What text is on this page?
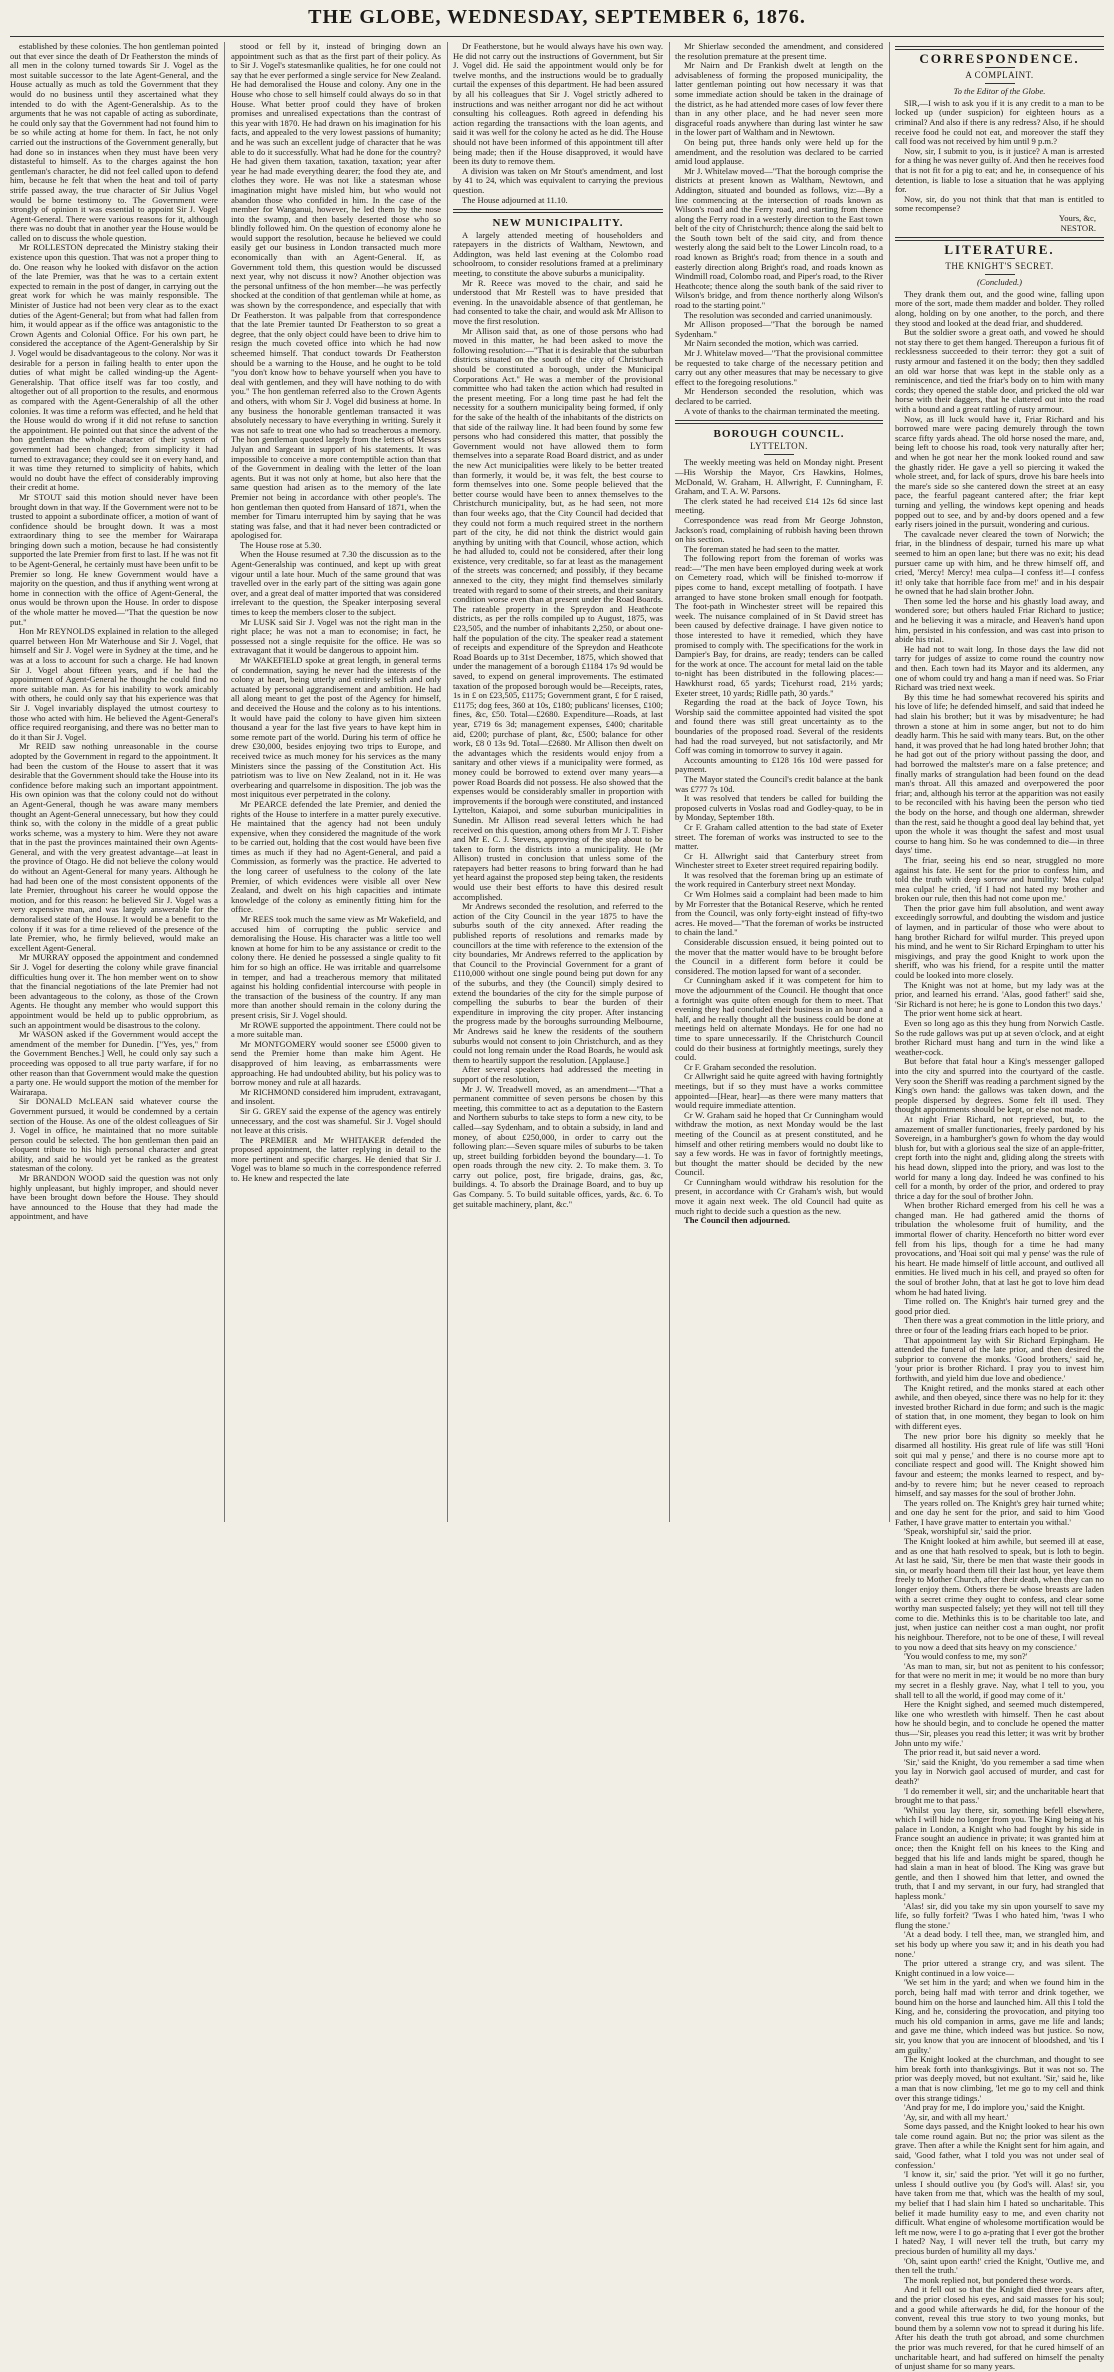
THE GLOBE, WEDNESDAY, SEPTEMBER 6, 1876.

established by these colonies. The hon gentleman pointed out that ever since the death of Dr Featherston the minds of all men in the colony turned towards Sir J. Vogel as the most suitable successor to the late Agent-General, and the House actually as much as told the Government that they would do no business until they ascertained what they intended to do with the Agent-Generalship. As to the arguments that he was not capable of acting as subordinate, he could only say that the Government had not found him to be so while acting at home for them. In fact, he not only carried out the instructions of the Government generally, but had done so in instances when they must have been very distasteful to himself. As to the charges against the hon gentleman's character, he did not feel called upon to defend him, because he felt that when the heat and toil of party strife passed away, the true character of Sir Julius Vogel would be borne testimony to. The Government were strongly of opinion it was essential to appoint Sir J. Vogel Agent-General. There were various reasons for it, although there was no doubt that in another year the House would be called on to discuss the whole question.

Mr ROLLESTON deprecated the Ministry staking their existence upon this question. That was not a proper thing to do. One reason why he looked with disfavor on the action of the late Premier, was that he was to a certain extent expected to remain in the post of danger, in carrying out the great work for which he was mainly responsible. The Minister of Justice had not been very clear as to the exact duties of the Agent-General; but from what had fallen from him, it would appear as if the office was antagonistic to the Crown Agents and Colonial Office. For his own part, he considered the acceptance of the Agent-Generalship by Sir J. Vogel would be disadvantageous to the colony. Nor was it desirable for a person in failing health to enter upon the duties of what might be called winding-up the Agent-Generalship. That office itself was far too costly, and altogether out of all proportion to the results, and enormous as compared with the Agent-Generalship of all the other colonies. It was time a reform was effected, and he held that the House would do wrong if it did not refuse to sanction the appointment. He pointed out that since the advent of the hon gentleman the whole character of their system of government had been changed; from simplicity it had turned to extravagance; they could see it on every hand, and it was time they returned to simplicity of habits, which would no doubt have the effect of considerably improving their credit at home.

Mr STOUT said this motion should never have been brought down in that way. If the Government were not to be trusted to appoint a subordinate officer, a motion of want of confidence should be brought down. It was a most extraordinary thing to see the member for Wairarapa bringing down such a motion, because he had consistently supported the late Premier from first to last. If he was not fit to be Agent-General, he certainly must have been unfit to be Premier so long. He knew Government would have a majority on the question, and thus if anything went wrong at home in connection with the office of Agent-General, the onus would be thrown upon the House. In order to dispose of the whole matter he moved—"That the question be now put."

Hon Mr REYNOLDS explained in relation to the alleged quarrel between Hon Mr Waterhouse and Sir J. Vogel, that himself and Sir J. Vogel were in Sydney at the time, and he was at a loss to account for such a charge. He had known Sir J. Vogel about fifteen years, and if he had the appointment of Agent-General he thought he could find no more suitable man. As for his inability to work amicably with others, he could only say that his experience was that Sir J. Vogel invariably displayed the utmost courtesy to those who acted with him. He believed the Agent-General's office required reorganising, and there was no better man to do it than Sir J. Vogel.

Mr REID saw nothing unreasonable in the course adopted by the Government in regard to the appointment. It had been the custom of the House to assert that it was desirable that the Government should take the House into its confidence before making such an important appointment. His own opinion was that the colony could not do without an Agent-General, though he was aware many members thought an Agent-General unnecessary, but how they could think so, with the colony in the middle of a great public works scheme, was a mystery to him. Were they not aware that in the past the provinces maintained their own Agents-General, and with the very greatest advantage—at least in the province of Otago. He did not believe the colony would do without an Agent-General for many years. Although he had had been one of the most consistent opponents of the late Premier, throughout his career he would oppose the motion, and for this reason: he believed Sir J. Vogel was a very expensive man, and was largely answerable for the demoralised state of the House. It would be a benefit to the colony if it was for a time relieved of the presence of the late Premier, who, he firmly believed, would make an excellent Agent-General.

Mr MURRAY opposed the appointment and condemned Sir J. Vogel for deserting the colony while grave financial difficulties hung over it. The hon member went on to show that the financial negotiations of the late Premier had not been advantageous to the colony, as those of the Crown Agents. He thought any member who would support this appointment would be held up to public opprobrium, as such an appointment would be disastrous to the colony.

Mr WASON asked if the Government would accept the amendment of the member for Dunedin. ["Yes, yes," from the Government Benches.] Well, he could only say such a proceeding was opposed to all true party warfare, if for no other reason than that Government would make the question a party one. He would support the motion of the member for Wairarapa.

Sir DONALD McLEAN said whatever course the Government pursued, it would be condemned by a certain section of the House. As one of the oldest colleagues of Sir J. Vogel in office, he maintained that no more suitable person could be selected. The hon gentleman then paid an eloquent tribute to his high personal character and great ability, and said he would yet be ranked as the greatest statesman of the colony.

Mr BRANDON WOOD said the question was not only highly unpleasant, but highly improper, and should never have been brought down before the House. They should have announced to the House that they had made the appointment, and have

stood or fell by it, instead of bringing down an appointment such as that as the first part of their policy. As to Sir J. Vogel's statesmanlike qualities, he for one could not say that he ever performed a single service for New Zealand. He had demoralised the House and colony. Any one in the House who chose to sell himself could always do so in that House. What better proof could they have of broken promises and unrealised expectations than the contrast of this year with 1870. He had drawn on his imagination for his facts, and appealed to the very lowest passions of humanity; and he was such an excellent judge of character that he was able to do it successfully. What had he done for the country? He had given them taxation, taxation, taxation; year after year he had made everything dearer; the food they ate, and clothes they wore. He was not like a statesman whose imagination might have misled him, but who would not abandon those who confided in him. In the case of the member for Wanganui, however, he led them by the nose into the swamp, and then basely deserted those who so blindly followed him. On the question of economy alone he would support the resolution, because he believed we could easily get our business in London transacted much more economically than with an Agent-General. If, as Government told them, this question would be discussed next year, why not discuss it now? Another objection was the personal unfitness of the hon member—he was perfectly shocked at the condition of that gentleman while at home, as was shown by the correspondence, and especially that with Dr Featherston. It was palpable from that correspondence that the late Premier taunted Dr Featherston to so great a degree, that the only object could have been to drive him to resign the much coveted office into which he had now scheemed himself. That conduct towards Dr Featherston should be a warning to the House, and he ought to be told "you don't know how to behave yourself when you have to deal with gentlemen, and they will have nothing to do with you." The hon gentleman referred also to the Crown Agents and others, with whom Sir J. Vogel did business at home. In any business the honorable gentleman transacted it was absolutely necessary to have everything in writing. Surely it was not safe to treat one who had so treacherous a memory. The hon gentleman quoted largely from the letters of Messrs Julyan and Sargeant in support of his statements. It was impossible to conceive a more contemptible action than that of the Government in dealing with the letter of the loan agents. But it was not only at home, but also here that the same question had arisen as to the memory of the late Premier not being in accordance with other people's. The hon gentleman then quoted from Hansard of 1871, when the member for Timaru interrupted him by saying that he was stating was false, and that it had never been contradicted or apologised for.

The House rose at 5.30.

When the House resumed at 7.30 the discussion as to the Agent-Generalship was continued, and kept up with great vigour until a late hour. Much of the same ground that was travelled over in the early part of the sitting was again gone over, and a great deal of matter imported that was considered irrelevant to the question, the Speaker interposing several times to keep the members closer to the subject.

Mr LUSK said Sir J. Vogel was not the right man in the right place; he was not a man to economise; in fact, he possessed not a single requisite for the office. He was so extravagant that it would be dangerous to appoint him.

Mr WAKEFIELD spoke at great length, in general terms of condemnation, saying he never had the interests of the colony at heart, being utterly and entirely selfish and only actuated by personal aggrandisement and ambition. He had all along meant to get the post of the Agency for himself, and deceived the House and the colony as to his intentions. It would have paid the colony to have given him sixteen thousand a year for the last five years to have kept him in some remote part of the world. During his term of office he drew £30,000, besides enjoying two trips to Europe, and received twice as much money for his services as the many Ministers since the passing of the Constitution Act. His patriotism was to live on New Zealand, not in it. He was overbearing and quarrelsome in disposition. The job was the most iniquitous ever perpetrated in the colony.

Mr PEARCE defended the late Premier, and denied the rights of the House to interfere in a matter purely executive. He maintained that the agency had not been unduly expensive, when they considered the magnitude of the work to be carried out, holding that the cost would have been five times as much if they had no Agent-General, and paid a Commission, as formerly was the practice. He adverted to the long career of usefulness to the colony of the late Premier, of which evidences were visible all over New Zealand, and dwelt on his high capacities and intimate knowledge of the colony as eminently fitting him for the office.

Mr REES took much the same view as Mr Wakefield, and accused him of corrupting the public service and demoralising the House. His character was a little too well known at home for him to be any assistance or credit to the colony there. He denied he possessed a single quality to fit him for so high an office. He was irritable and quarrelsome in temper, and had a treacherous memory that militated against his holding confidential intercourse with people in the transaction of the business of the country. If any man more than another should remain in the colony during the present crisis, Sir J. Vogel should.

Mr ROWE supported the appointment. There could not be a more suitable man.

Mr MONTGOMERY would sooner see £5000 given to send the Premier home than make him Agent. He disapproved of him leaving, as embarrassments were approaching. He had undoubted ability, but his policy was to borrow money and rule at all hazards.

Mr RICHMOND considered him imprudent, extravagant, and insolent.

Sir G. GREY said the expense of the agency was entirely unnecessary, and the cost was shameful. Sir J. Vogel should not leave at this crisis.

The PREMIER and Mr WHITAKER defended the proposed appointment, the latter replying in detail to the more pertinent and specific charges. He denied that Sir J. Vogel was to blame so much in the correspondence referred to. He knew and respected the late

Dr Featherstone, but he would always have his own way. He did not carry out the instructions of Government, but Sir J. Vogel did. He said the appointment would only be for twelve months, and the instructions would be to gradually curtail the expenses of this department. He had been assured by all his colleagues that Sir J. Vogel strictly adhered to instructions and was neither arrogant nor did he act without consulting his colleagues. Roth agreed in defending his action regarding the transactions with the loan agents, and said it was well for the colony he acted as he did. The House should not have been informed of this appointment till after being made; then if the House disapproved, it would have been its duty to remove them.

A division was taken on Mr Stout's amendment, and lost by 41 to 24, which was equivalent to carrying the previous question.

The House adjourned at 11.10.

NEW MUNICIPALITY.

A largely attended meeting of householders and ratepayers in the districts of Waltham, Newtown, and Addington, was held last evening at the Colombo road schoolroom, to consider resolutions framed at a preliminary meeting, to constitute the above suburbs a municipality.

Mr R. Reece was moved to the chair, and said he understood that Mr Restell was to have presided that evening. In the unavoidable absence of that gentleman, he had consented to take the chair, and would ask Mr Allison to move the first resolution.

Mr Allison said that, as one of those persons who had moved in this matter, he had been asked to move the following resolution:—"That it is desirable that the suburban districts situated on the south of the city of Christchurch should be constituted a borough, under the Municipal Corporations Act." He was a member of the provisional committee who had taken the action which had resulted in the present meeting. For a long time past he had felt the necessity for a southern municipality being formed, if only for the sake of the health of the inhabitants of the districts on that side of the railway line. It had been found by some few persons who had considered this matter, that possibly the Government would not have allowed them to form themselves into a separate Road Board district, and as under the new Act municipalities were likely to be better treated than formerly, it would be, it was felt, the best course to form themselves into one. Some people believed that the better course would have been to annex themselves to the Christchurch municipality, but, as he had seen, not more than four weeks ago, that the City Council had decided that they could not form a much required street in the northern part of the city, he did not think the district would gain anything by uniting with that Council, whose action, which he had alluded to, could not be considered, after their long existence, very creditable, so far at least as the management of the streets was concerned; and possibly, if they became annexed to the city, they might find themselves similarly treated with regard to some of their streets, and their sanitary condition worse even than at present under the Road Boards. The rateable property in the Spreydon and Heathcote districts, as per the rolls compiled up to August, 1875, was £23,505, and the number of inhabitants 2,250, or about one-half the population of the city. The speaker read a statement of receipts and expenditure of the Spreydon and Heathcote Road Boards up to 31st December, 1875, which showed that under the management of a borough £1184 17s 9d would be saved, to expend on general improvements. The estimated taxation of the proposed borough would be—Receipts, rates, 1s in £ on £23,505, £1175; Government grant, £ for £ raised, £1175; dog fees, 360 at 10s, £180; publicans' licenses, £100; fines, &c, £50. Total—£2680. Expenditure—Roads, at last year, £719 6s 3d; management expenses, £400; charitable aid, £200; purchase of plant, &c, £500; balance for other work, £8 0 13s 9d. Total—£2680. Mr Allison then dwelt on the advantages which the residents would enjoy from a sanitary and other views if a municipality were formed, as money could be borrowed to extend over many years—a power Road Boards did not possess. He also showed that the expenses would be considerably smaller in proportion with improvements if the borough were constituted, and instanced Lyttelton, Kaiapoi, and some suburban municipalities in Sunedin. Mr Allison read several letters which he had received on this question, among others from Mr J. T. Fisher and Mr E. C. J. Stevens, approving of the step about to be taken to form the districts into a municipality. He (Mr Allison) trusted in conclusion that unless some of the ratepayers had better reasons to bring forward than he had yet heard against the proposed step being taken, the residents would use their best efforts to have this desired result accomplished.

Mr Andrews seconded the resolution, and referred to the action of the City Council in the year 1875 to have the suburbs south of the city annexed. After reading the published reports of resolutions and remarks made by councillors at the time with reference to the extension of the city boundaries, Mr Andrews referred to the application by that Council to the Provincial Government for a grant of £110,000 without one single pound being put down for any of the suburbs, and they (the Council) simply desired to extend the boundaries of the city for the simple purpose of compelling the suburbs to bear the burden of their expenditure in improving the city proper. After instancing the progress made by the boroughs surrounding Melbourne, Mr Andrews said he knew the residents of the southern suburbs would not consent to join Christchurch, and as they could not long remain under the Road Boards, he would ask them to heartily support the resolution. [Applause.]

After several speakers had addressed the meeting in support of the resolution,

Mr J. W. Treadwell moved, as an amendment—"That a permanent committee of seven persons be chosen by this meeting, this committee to act as a deputation to the Eastern and Northern suburbs to take steps to form a new city, to be called—say Sydenham, and to obtain a subsidy, in land and money, of about £250,000, in order to carry out the following plan:—Seven square miles of suburbs to be taken up, street building forbidden beyond the boundary—1. To open roads through the new city. 2. To make them. 3. To carry out police, post, fire brigade, drains, gas, &c, buildings. 4. To absorb the Drainage Board, and to buy up Gas Company. 5. To build suitable offices, yards, &c. 6. To get suitable machinery, plant, &c."

Mr Shierlaw seconded the amendment, and considered the resolution premature at the present time.

Mr Nairn and Dr Frankish dwelt at length on the advisableness of forming the proposed municipality, the latter gentleman pointing out how necessary it was that some immediate action should be taken in the drainage of the district, as he had attended more cases of low fever there than in any other place, and he had never seen more disgraceful roads anywhere than during last winter he saw in the lower part of Waltham and in Newtown.

On being put, three hands only were held up for the amendment, and the resolution was declared to be carried amid loud applause.

Mr J. Whitelaw moved—"That the borough comprise the districts at present known as Waltham, Newtown, and Addington, situated and bounded as follows, viz:—By a line commencing at the intersection of roads known as Wilson's road and the Ferry road, and starting from thence along the Ferry road in a westerly direction to the East town belt of the city of Christchurch; thence along the said belt to the South town belt of the said city, and from thence westerly along the said belt to the Lower Lincoln road, to a road known as Bright's road; from thence in a south and easterly direction along Bright's road, and roads known as Windmill road, Colombo road, and Piper's road, to the River Heathcote; thence along the south bank of the said river to Wilson's bridge, and from thence northerly along Wilson's road to the starting point."

The resolution was seconded and carried unanimously.

Mr Allison proposed—"That the borough be named Sydenham."

Mr Nairn seconded the motion, which was carried.

Mr J. Whitelaw moved—"That the provisional committee be requested to take charge of the necessary petition and carry out any other measures that may be necessary to give effect to the foregoing resolutions."

Mr Henderson seconded the resolution, which was declared to be carried.

A vote of thanks to the chairman terminated the meeting.

BOROUGH COUNCIL.
LYTTELTON.

The weekly meeting was held on Monday night. Present—His Worship the Mayor, Crs Hawkins, Holmes, McDonald, W. Graham, H. Allwright, F. Cunningham, F. Graham, and T. A. W. Parsons.

The clerk stated he had received £14 12s 6d since last meeting.

Correspondence was read from Mr George Johnston, Jackson's road, complaining of rubbish having been thrown on his section.

The foreman stated he had seen to the matter.

The following report from the foreman of works was read:—"The men have been employed during week at work on Cemetery road, which will be finished to-morrow if pipes come to hand, except metalling of footpath. I have arranged to have stone broken small enough for footpath. The foot-path in Winchester street will be repaired this week. The nuisance complained of in St David street has been caused by defective drainage. I have given notice to those interested to have it remedied, which they have promised to comply with. The specifications for the work in Dampier's Bay, for drains, are ready; tenders can be called for the work at once. The account for metal laid on the table to-night has been distributed in the following places:—Hawkhurst road, 65 yards; Ticehurst road, 21½ yards; Exeter street, 10 yards; Ridlle path, 30 yards."

Regarding the road at the back of Joyce Town, his Worship said the committee appointed had visited the spot and found there was still great uncertainty as to the boundaries of the proposed road. Several of the residents had had the road surveyed, but not satisfactorily, and Mr Coff was coming in tomorrow to survey it again.

Accounts amounting to £128 16s 10d were passed for payment.

The Mayor stated the Council's credit balance at the bank was £777 7s 10d.

It was resolved that tenders be called for building the proposed culverts in Voslas road and Godley-quay, to be in by Monday, September 18th.

Cr F. Graham called attention to the bad state of Exeter street. The foreman of works was instructed to see to the matter.

Cr H. Allwright said that Canterbury street from Winchester street to Exeter street required repairing bodily.

It was resolved that the foreman bring up an estimate of the work required in Canterbury street next Monday.

Cr Wm Holmes said a complaint had been made to him by Mr Forrester that the Botanical Reserve, which he rented from the Council, was only forty-eight instead of fifty-two acres. He moved—"That the foreman of works be instructed to chain the land."

Considerable discussion ensued, it being pointed out to the mover that the matter would have to be brought before the Council in a different form before it could be considered. The motion lapsed for want of a seconder.

Cr Cunningham asked if it was competent for him to move the adjournment of the Council. He thought that once a fortnight was quite often enough for them to meet. That evening they had concluded their business in an hour and a half, and he really thought all the business could be done at meetings held on alternate Mondays. He for one had no time to spare unnecessarily. If the Christchurch Council could do their business at fortnightly meetings, surely they could.

Cr F. Graham seconded the resolution.

Cr Allwright said he quite agreed with having fortnightly meetings, but if so they must have a works committee appointed—[Hear, hear]—as there were many matters that would require immediate attention.

Cr W. Graham said he hoped that Cr Cunningham would withdraw the motion, as next Monday would be the last meeting of the Council as at present constituted, and he himself and other retiring members would no doubt like to say a few words. He was in favor of fortnightly meetings, but thought the matter should be decided by the new Council.

Cr Cunningham would withdraw his resolution for the present, in accordance with Cr Graham's wish, but would move it again next week. The old Council had quite as much right to decide such a question as the new.

The Council then adjourned.

CORRESPONDENCE.
A COMPLAINT.
To the Editor of the Globe.

SIR,—I wish to ask you if it is any credit to a man to be locked up (under suspicion) for eighteen hours as a criminal? And also if there is any redress? Also, if he should receive food he could not eat, and moreover the staff they call food was not received by him until 9 p.m.?

Now, sir, I submit to you, is it justice? A man is arrested for a thing he was never guilty of. And then he receives food that is not fit for a pig to eat; and he, in consequence of his detention, is liable to lose a situation that he was applying for.

Now, sir, do you not think that that man is entitled to some recompense?

Yours, &c,
NESTOR.
LITERATURE.
THE KNIGHT'S SECRET.
(Concluded.)

They drank them out, and the good wine, falling upon more of the sort, made them madder and bolder. They rolled along, holding on by one another, to the porch, and there they stood and looked at the dead friar, and shuddered.

But the soldier swore a great oath, and vowed he should not stay there to get them hanged. Thereupon a furious fit of recklessness succeeded to their terror: they got a suit of rusty armour and fastened it on the body; then they saddled an old war horse that was kept in the stable only as a reminiscence, and tied the friar's body on to him with many cords; they opened the stable door, and pricked the old war horse with their daggers, that he clattered out into the road with a bound and a great rattling of rusty armour.

Now, as ill luck would have it, Friar Richard and his borrowed mare were pacing demurely through the town scarce fifty yards ahead. The old horse nosed the mare, and, being left to choose his road, took very naturally after her; and when he got near her the monk looked round and saw the ghastly rider. He gave a yell so piercing it waked the whole street, and, for lack of spurs, drove his bare heels into the mare's side so she cantered down the street at an easy pace, the fearful pageant cantered after; the friar kept turning and yelling, the windows kept opening and heads popped out to see, and by and-by doors opened and a few early risers joined in the pursuit, wondering and curious.

The cavalcade never cleared the town of Norwich; the friar, in the blindness of despair, turned his mare up what seemed to him an open lane; but there was no exit; his dead pursuer came up with him, and he threw himself off, and cried, 'Mercy! Mercy! mea culpa—I confess it!—I confess it! only take that horrible face from me!' and in his despair he owned that he had slain brother John.

Then some led the horse and his ghastly load away, and wondered sore; but others hauled Friar Richard to justice; and he believing it was a miracle, and Heaven's hand upon him, persisted in his confession, and was cast into prison to abide his trial.

He had not to wait long. In those days the law did not tarry for judges of assize to come round the country now and then. Each town had its Mayor and its aldermen, any one of whom could try and hang a man if need was. So Friar Richard was tried next week.

By this time he had somewhat recovered his spirits and his love of life; he defended himself, and said that indeed he had slain his brother; but it was by misadventure; he had thrown a stone at him in some anger, but not to do him deadly harm. This he said with many tears. But, on the other hand, it was proved that he had long hated brother John; that he had got out of the priory without passing the door, and had borrowed the maltster's mare on a false pretence; and finally marks of strangulation had been found on the dead man's throat. All this amazed and overpowered the poor friar; and, although his terror at the apparition was not easily to be reconciled with his having been the person who tied the body on the horse, and though one alderman, shrewder than the rest, said he thought a good deal lay behind that, yet upon the whole it was thought the safest and most usual course to hang him. So he was condemned to die—in three days' time.

The friar, seeing his end so near, struggled no more against his fate. He sent for the prior to confess him, and told the truth with deep sorrow and humility: 'Mea culpa! mea culpa! he cried, 'if I had not hated my brother and broken our rule, then this had not come upon me.'

Then the prior gave him full absolution, and went away exceedingly sorrowful, and doubting the wisdom and justice of laymen, and in particular of those who were about to hang brother Richard for wilful murder. This preyed upon his mind, and he went to Sir Richard Erpingham to utter his misgivings, and pray the good Knight to work upon the sheriff, who was his friend, for a respite until the matter could be looked into more closely.

The Knight was not at home, but my lady was at the prior, and learned his errand. 'Alas, good father!' said she, 'Sir Richard is not here; he is gone to London this two days.'

The prior went home sick at heart.

Even so long ago as this they hung from Norwich Castle. So the rude gallows was put up at seven o'clock, and at eight brother Richard must hang and turn in the wind like a weather-cock.

But before that fatal hour a King's messenger galloped into the city and spurred into the courtyard of the castle. Very soon the Sheriff was reading a parchment signed by the King's own hand: the gallows was taken down, and the people dispersed by degrees. Some felt ill used. They thought appointments should be kept, or else not made.

At night Friar Richard, not reprieved, but, to the amazement of smaller functionaries, freely pardoned by his Sovereign, in a hamburgher's gown fo whom the day would blush for, but with a glorious seal the size of an apple-fritter, crept forth into the night and, gliding along the streets with his head down, slipped into the priory, and was lost to the world for many a long day. Indeed he was confined to his cell for a month, by order of the prior, and ordered to pray thrice a day for the soul of brother John.

When brother Richard emerged from his cell he was a changed man. He had gathered amid the thorns of tribulation the wholesome fruit of humility, and the immortal flower of charity. Henceforth no bitter word ever fell from his lips, though for a time he had many provocations, and 'Hoai soit qui mal y pense' was the rule of his heart. He made himself of little account, and outlived all enmities. He lived much in his cell, and prayed so often for the soul of brother John, that at last he got to love him dead whom he had hated living.

Time rolled on. The Knight's hair turned grey and the good prior died.

Then there was a great commotion in the little priory, and three or four of the leading friars each hoped to be prior.

That appointment lay with Sir Richard Erpingham. He attended the funeral of the late prior, and then desired the subprior to convene the monks. 'Good brothers,' said he, 'your prior is brother Richard. I pray you to invest him forthwith, and yield him due love and obedience.'

The Knight retired, and the monks stared at each other awhile, and then obeyed, since there was no help for it: they invested brother Richard in due form; and such is the magic of station that, in one moment, they began to look on him with different eyes.

The new prior bore his dignity so meekly that he disarmed all hostility. His great rule of life was still 'Honi soit qui mal y pense,' and there is no course more apt to conciliate respect and good will. The Knight showed him favour and esteem; the monks learned to respect, and by-and-by to revere him; but he never ceased to reproach himself, and say masses for the soul of brother John.

The years rolled on. The Knight's grey hair turned white; and one day he sent for the prior, and said to him 'Good Father, I have grave matter to entertain you withal.'

'Speak, worshipful sir,' said the prior.

The Knight looked at him awhile, but seemed ill at ease, and as one that hath resolved to speak, but is loth to begin. At last he said, 'Sir, there be men that waste their goods in sin, or mearly hoard them till their last hour, yet leave them freely to Mother Church, after their death, when they can no longer enjoy them. Others there be whose breasts are laden with a secret crime they ought to confess, and clear some worthy man suspected falsely; yet they will not tell till they come to die. Methinks this is to be charitable too late, and just, when justice can neither cost a man ought, nor profit his neighbour. Therefore, not to be one of these, I will reveal to you now a deed that sits heavy on my conscience.'

'You would confess to me, my son?'

'As man to man, sir, but not as penitent to his confessor; for that were no merit in me; it would be no more than bury my secret in a fleshly grave. Nay, what I tell to you, you shall tell to all the world, if good may come of it.'

Here the Knight sighed, and seemed much distempered, like one who wrestleth with himself. Then he cast about how he should begin, and to conclude he opened the matter thus—'Sir, pleases you read this letter; it was writ by brother John unto my wife.'

The prior read it, but said never a word.

'Sir,' said the Knight, 'do you remember a sad time when you lay in Norwich gaol accused of murder, and cast for death?'

'I do remember it well, sir; and the uncharitable heart that brought me to that pass.'

'Whilst you lay there, sir, something befell elsewhere, which I will hide no longer from you. The King being at his palace in London, a Knight who had fought by his side in France sought an audience in private; it was granted him at once; then the Knight fell on his knees to the King and begged that his life and lands might be spared, though he had slain a man in heat of blood. The King was grave but gentle, and then I showed him that letter, and owned the truth, that I and my servant, in our fury, had strangled that hapless monk.'

'Alas! sir, did you take my sin upon yourself to save my life, so fully forfeit? 'Twas I who hated him, 'twas I who flung the stone.'

'At a dead body. I tell thee, man, we strangled him, and set his body up where you saw it; and in his death you had none.'

The prior uttered a strange cry, and was silent. The Knight continued in a low voice—

'We set him in the yard; and when we found him in the porch, being half mad with terror and drink together, we bound him on the horse and launched him. All this I told the King, and he, considering the provocation, and pitying too much his old companion in arms, gave me life and lands; and gave me thine, which indeed was but justice. So now, sir, you know that you are innocent of bloodshed, and 'tis I am guilty.'

The Knight looked at the churchman, and thought to see him break forth into thanksgivings. But it was not so. The prior was deeply moved, but not exultant. 'Sir,' said he, like a man that is now climbing, 'let me go to my cell and think over this strange tidings.'

'And pray for me, I do implore you,' said the Knight.

'Ay, sir, and with all my heart.'

Some days passed, and the Knight looked to hear his own tale come round again. But no; the prior was silent as the grave. Then after a while the Knight sent for him again, and said, 'Good father, what I told you was not under seal of confession.'

'I know it, sir,' said the prior. 'Yet will it go no further, unless I should outlive you (by God's will. Alas! sir, you have taken from me that, which was the health of my soul, my belief that I had slain him I hated so uncharitable. This belief it made humility easy to me, and even charity not difficult. What engine of wholesome mortification would be left me now, were I to go a-prating that I ever got the brother I hated? Nay, I will never tell the truth, but carry my precious burden of humility all my days.'

'Oh, saint upon earth!' cried the Knight, 'Outlive me, and then tell the truth.'

The monk replied not, but pondered these words.

And it fell out so that the Knight died three years after, and the prior closed his eyes, and said masses for his soul; and a good while afterwards he did, for the honour of the convent, reveal this true story to two young monks, but bound them by a solemn vow not to spread it during his life. After his death the truth got abroad, and some churchmen the prior was much revered, for that he cured himself of an uncharitable heart, and had suffered on himself the penalty of unjust shame for so many years.
